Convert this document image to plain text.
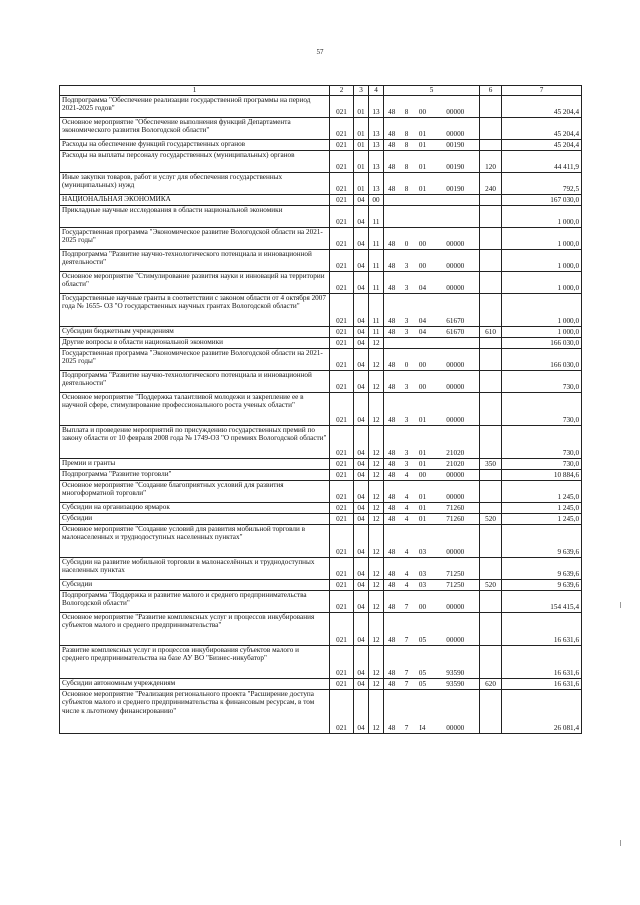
57
1	2	3	4	5				6	7
Подпрограмма "Обеспечение реализации государственной программы на период 2021-2025 годов"	021	01	13	48	8	00	00000		45 204,4
Основное мероприятие "Обеспечение выполнения функций Департамента экономического развития Вологодской области"	021	01	13	48	8	01	00000		45 204,4
Расходы на обеспечение функций государственных органов	021	01	13	48	8	01	00190		45 204,4
Расходы на выплаты персоналу государственных (муниципальных) органов	021	01	13	48	8	01	00190	120	44 411,9
Иные закупки товаров, работ и услуг для обеспечения государственных (муниципальных) нужд	021	01	13	48	8	01	00190	240	792,5
НАЦИОНАЛЬНАЯ ЭКОНОМИКА	021	04	00						167 030,0
Прикладные научные исследования в области национальной экономики	021	04	11						1 000,0
Государственная программа "Экономическое развитие Вологодской области на 2021-2025 годы"	021	04	11	48	0	00	00000		1 000,0
Подпрограмма "Развитие научно-технологического потенциала и инновационной деятельности"	021	04	11	48	3	00	00000		1 000,0
Основное мероприятие "Стимулирование развития науки и инноваций на территории области"	021	04	11	48	3	04	00000		1 000,0
Государственные научные гранты в соответствии с законом области от 4 октября 2007 года № 1655- ОЗ "О государственных научных грантах Вологодской области"	021	04	11	48	3	04	61670		1 000,0
Субсидии бюджетным учреждениям	021	04	11	48	3	04	61670	610	1 000,0
Другие вопросы в области национальной экономики	021	04	12						166 030,0
Государственная программа "Экономическое развитие Вологодской области на 2021-2025 годы"	021	04	12	48	0	00	00000		166 030,0
Подпрограмма "Развитие научно-технологического потенциала и инновационной деятельности"	021	04	12	48	3	00	00000		730,0
Основное мероприятие "Поддержка талантливой молодежи и закрепление ее в научной сфере, стимулирование профессионального роста ученых области"	021	04	12	48	3	01	00000		730,0
Выплата и проведение мероприятий по присуждению государственных премий по закону области от 10 февраля 2008 года № 1749-ОЗ "О премиях Вологодской области"	021	04	12	48	3	01	21020		730,0
Премии и гранты	021	04	12	48	3	01	21020	350	730,0
Подпрограмма "Развитие торговли"	021	04	12	48	4	00	00000		10 884,6
Основное мероприятие "Создание благоприятных условий для развития многоформатной торговли"	021	04	12	48	4	01	00000		1 245,0
Субсидии на организацию ярмарок	021	04	12	48	4	01	71260		1 245,0
Субсидии	021	04	12	48	4	01	71260	520	1 245,0
Основное мероприятие "Создание условий для развития мобильной торговли в малонаселенных и труднодоступных населенных пунктах"	021	04	12	48	4	03	00000		9 639,6
Субсидии на развитие мобильной торговли в малонаселённых и труднодоступных населенных пунктах	021	04	12	48	4	03	71250		9 639,6
Субсидии	021	04	12	48	4	03	71250	520	9 639,6
Подпрограмма "Поддержка и развитие малого и среднего предпринимательства Вологодской области"	021	04	12	48	7	00	00000		154 415,4
Основное мероприятие "Развитие комплексных услуг и процессов инкубирования субъектов малого и среднего предпринимательства"	021	04	12	48	7	05	00000		16 631,6
Развитие комплексных услуг и процессов инкубирования субъектов малого и среднего предпринимательства на базе АУ ВО "Бизнес-инкубатор"	021	04	12	48	7	05	93590		16 631,6
Субсидии автономным учреждениям	021	04	12	48	7	05	93590	620	16 631,6
Основное мероприятие "Реализация регионального проекта "Расширение доступа субъектов малого и среднего предпринимательства к финансовым ресурсам, в том числе к льготному финансированию"	021	04	12	48	7	I4	00000		26 081,4
